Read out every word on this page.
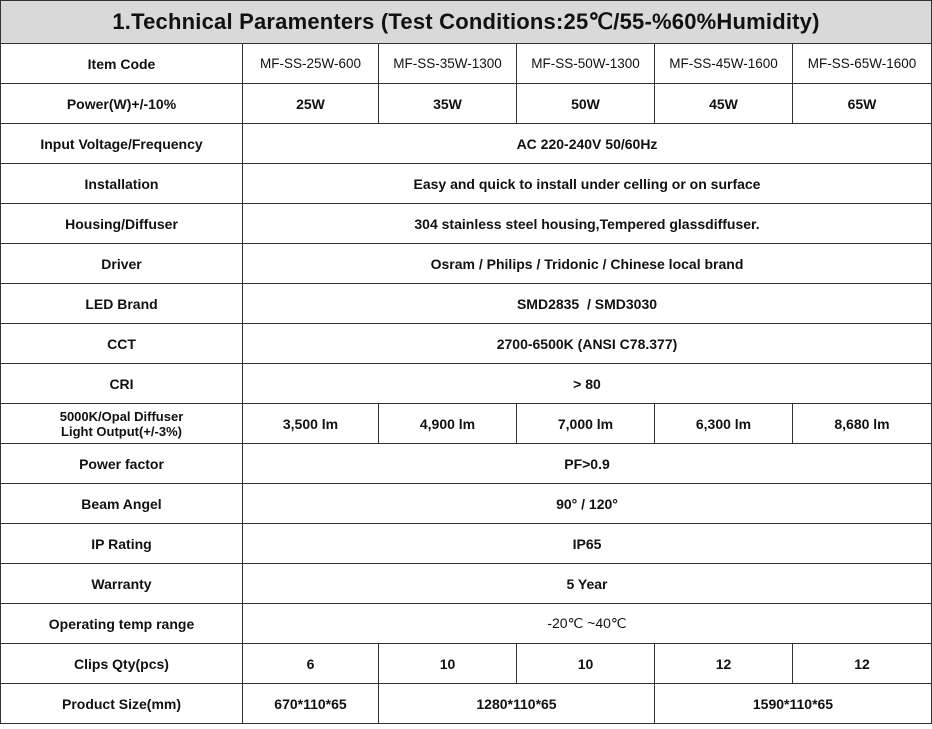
1.Technical Paramenters (Test Conditions:25℃/55-%60%Humidity)					
Item Code	MF-SS-25W-600	MF-SS-35W-1300	MF-SS-50W-1300	MF-SS-45W-1600	MF-SS-65W-1600
Power(W)+/-10%	25W	35W	50W	45W	65W
Input Voltage/Frequency	AC 220-240V 50/60Hz				
Installation	Easy and quick to install under celling or on surface				
Housing/Diffuser	304 stainless steel housing,Tempered glassdiffuser.				
Driver	Osram / Philips / Tridonic / Chinese local brand				
LED Brand	SMD2835  / SMD3030				
CCT	2700-6500K (ANSI C78.377)				
CRI	> 80				

5000K/Opal Diffuser
Light Output(+/-3%)	3,500 lm	4,900 lm	7,000 lm	6,300 lm	8,680 lm
Power factor	PF>0.9				
Beam Angel	90° / 120°				
IP Rating	IP65				
Warranty	5 Year				
Operating temp range	-20℃ ~40℃				
Clips Qty(pcs)	6	10	10	12	12
Product Size(mm)	670*110*65	1280*110*65		1590*110*65	
